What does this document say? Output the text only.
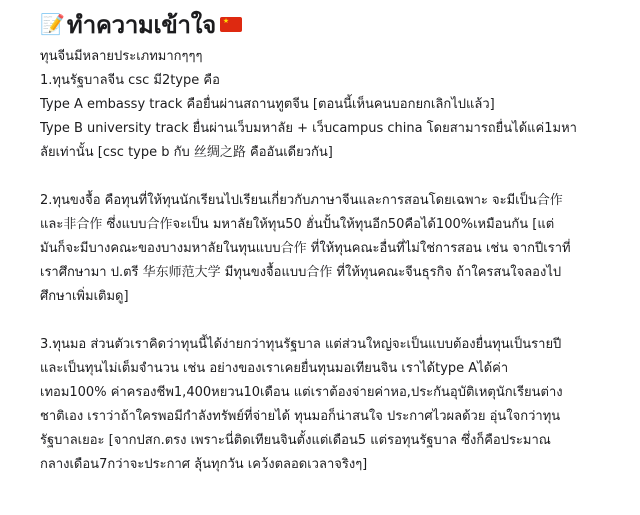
📝 ทำความเข้าใจ ★
ทุนจีนมีหลายประเภทมากๆๆๆ
1.ทุนรัฐบาลจีน csc มี2type คือ
Type A embassy track คือยื่นผ่านสถานทูตจีน [ตอนนี้เห็นคนบอกยกเลิกไปแล้ว]
Type B university track ยื่นผ่านเว็บมหาลัย + เว็บcampus china โดยสามารถยื่นได้แค่1มหา
ลัยเท่านั้น [csc type b กับ 丝绸之路 คืออันเดียวกัน]
2.ทุนขงจื้อ คือทุนที่ให้ทุนนักเรียนไปเรียนเกี่ยวกับภาษาจีนและการสอนโดยเฉพาะ จะมีเป็น合作
และ非合作 ซึ่งแบบ合作จะเป็น มหาลัยให้ทุน50 ฮั่นปั้นให้ทุนอีก50คือได้100%เหมือนกัน [แต่
มันก็จะมีบางคณะของบางมหาลัยในทุนแบบ合作 ที่ให้ทุนคณะอื่นที่ไม่ใช่การสอน เช่น จากปีเราที่
เราศึกษามา ป.ตรี 华东师范大学 มีทุนขงจื้อแบบ合作 ที่ให้ทุนคณะจีนธุรกิจ ถ้าใครสนใจลองไป
ศึกษาเพิ่มเติมดู]
3.ทุนมอ ส่วนตัวเราคิดว่าทุนนี้ได้ง่ายกว่าทุนรัฐบาล แต่ส่วนใหญ่จะเป็นแบบต้องยื่นทุนเป็นรายปี
และเป็นทุนไม่เต็มจำนวน เช่น อย่างของเราเคยยื่นทุนมอเทียนจิน เราได้type Aได้ค่า
เทอม100% ค่าครองชีพ1,400หยวน10เดือน แต่เราต้องจ่ายค่าหอ,ประกันอุบัติเหตุนักเรียนต่าง
ชาติเอง เราว่าถ้าใครพอมีกำลังทรัพย์ที่จ่ายได้ ทุนมอก็น่าสนใจ ประกาศไวผลด้วย อุ่นใจกว่าทุน
รัฐบาลเยอะ [จากปสก.ตรง เพราะนี่ติดเทียนจินตั้งแต่เดือน5 แต่รอทุนรัฐบาล ซึ่งก็คือประมาณ
กลางเดือน7กว่าจะประกาศ ลุ้นทุกวัน เคว้งตลอดเวลาจริงๆ]
